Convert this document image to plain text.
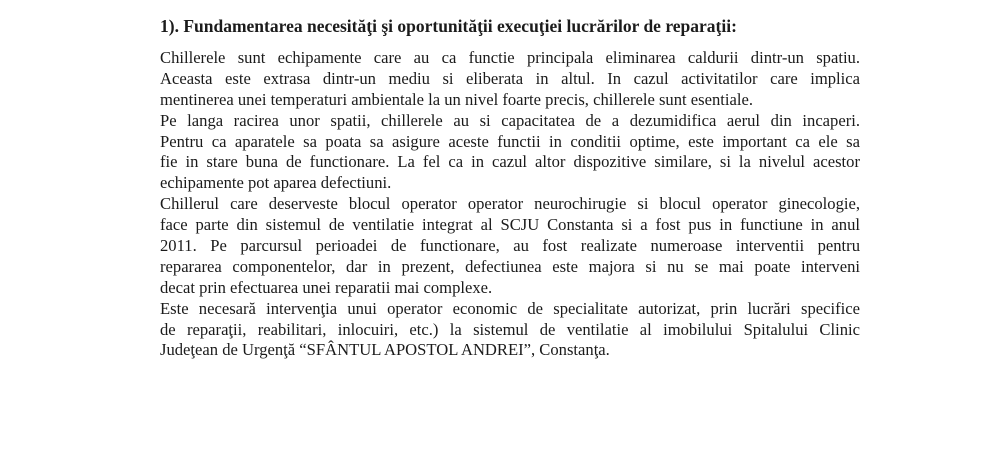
1). Fundamentarea necesităţi şi oportunităţii execuţiei lucrărilor de reparaţii:
Chillerele sunt echipamente care au ca functie principala eliminarea caldurii dintr-un spatiu.
Aceasta este extrasa dintr-un mediu si eliberata in altul. In cazul activitatilor care implica
mentinerea unei temperaturi ambientale la un nivel foarte precis, chillerele sunt esentiale.
Pe langa racirea unor spatii, chillerele au si capacitatea de a dezumidifica aerul din incaperi.
Pentru ca aparatele sa poata sa asigure aceste functii in conditii optime, este important ca ele sa
fie in stare buna de functionare. La fel ca in cazul altor dispozitive similare, si la nivelul acestor
echipamente pot aparea defectiuni.
Chillerul care deserveste blocul operator operator neurochirugie si blocul operator ginecologie,
face parte din sistemul de ventilatie integrat al SCJU Constanta si a fost pus in functiune in anul
2011. Pe parcursul perioadei de functionare, au fost realizate numeroase interventii pentru
repararea componentelor, dar in prezent, defectiunea este majora si nu se mai poate interveni
decat prin efectuarea unei reparatii mai complexe.
Este necesară intervenţia unui operator economic de specialitate autorizat, prin lucrări specifice
de reparaţii, reabilitari, inlocuiri, etc.) la sistemul de ventilatie al imobilului Spitalului Clinic
Judeţean de Urgenţă “SFÂNTUL APOSTOL ANDREI”, Constanţa.
